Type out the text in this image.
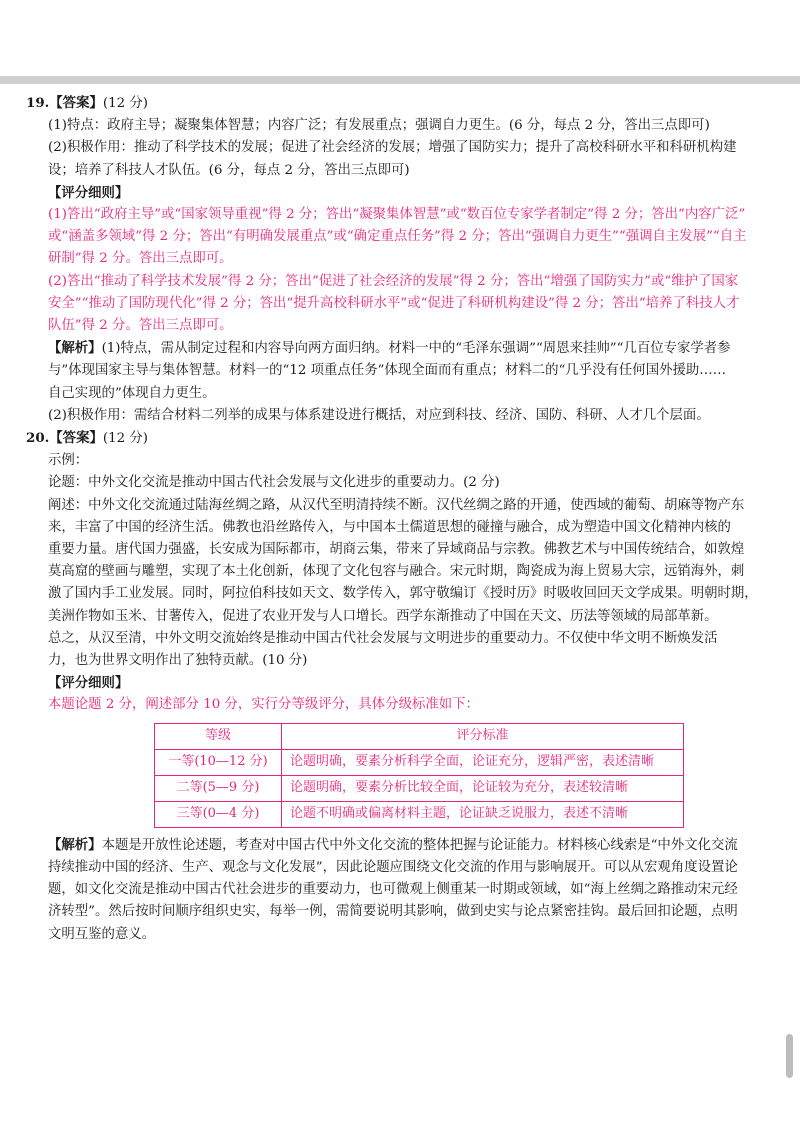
19.【答案】(12 分)
(1)特点：政府主导；凝聚集体智慧；内容广泛；有发展重点；强调自力更生。(6 分，每点 2 分，答出三点即可)
(2)积极作用：推动了科学技术的发展；促进了社会经济的发展；增强了国防实力；提升了高校科研水平和科研机构建
设；培养了科技人才队伍。(6 分，每点 2 分，答出三点即可)
【评分细则】
(1)答出“政府主导”或“国家领导重视”得 2 分；答出“凝聚集体智慧”或“数百位专家学者制定”得 2 分；答出“内容广泛”
或“涵盖多领域”得 2 分；答出“有明确发展重点”或“确定重点任务”得 2 分；答出“强调自力更生”“强调自主发展”“自主
研制”得 2 分。答出三点即可。
(2)答出“推动了科学技术发展”得 2 分；答出“促进了社会经济的发展”得 2 分；答出“增强了国防实力”或“维护了国家
安全”“推动了国防现代化”得 2 分；答出“提升高校科研水平”或“促进了科研机构建设”得 2 分；答出“培养了科技人才
队伍”得 2 分。答出三点即可。
【解析】(1)特点，需从制定过程和内容导向两方面归纳。材料一中的“毛泽东强调”“周恩来挂帅”“几百位专家学者参
与”体现国家主导与集体智慧。材料一的“12 项重点任务”体现全面而有重点；材料二的“几乎没有任何国外援助……
自己实现的”体现自力更生。
(2)积极作用：需结合材料二列举的成果与体系建设进行概括，对应到科技、经济、国防、科研、人才几个层面。
20.【答案】(12 分)
示例：
论题：中外文化交流是推动中国古代社会发展与文化进步的重要动力。(2 分)
阐述：中外文化交流通过陆海丝绸之路，从汉代至明清持续不断。汉代丝绸之路的开通，使西域的葡萄、胡麻等物产东
来，丰富了中国的经济生活。佛教也沿丝路传入，与中国本土儒道思想的碰撞与融合，成为塑造中国文化精神内核的
重要力量。唐代国力强盛，长安成为国际都市，胡商云集，带来了异域商品与宗教。佛教艺术与中国传统结合，如敦煌
莫高窟的壁画与雕塑，实现了本土化创新，体现了文化包容与融合。宋元时期，陶瓷成为海上贸易大宗，远销海外，刺
激了国内手工业发展。同时，阿拉伯科技如天文、数学传入，郭守敬编订《授时历》时吸收回回天文学成果。明朝时期，
美洲作物如玉米、甘薯传入，促进了农业开发与人口增长。西学东渐推动了中国在天文、历法等领域的局部革新。
总之，从汉至清，中外文明交流始终是推动中国古代社会发展与文明进步的重要动力。不仅使中华文明不断焕发活
力，也为世界文明作出了独特贡献。(10 分)
【评分细则】
本题论题 2 分，阐述部分 10 分，实行分等级评分，具体分级标准如下：
等级	评分标准
一等(10—12 分)	论题明确，要素分析科学全面，论证充分，逻辑严密，表述清晰
二等(5—9 分)	论题明确，要素分析比较全面，论证较为充分，表述较清晰
三等(0—4 分)	论题不明确或偏离材料主题，论证缺乏说服力，表述不清晰
【解析】本题是开放性论述题，考查对中国古代中外文化交流的整体把握与论证能力。材料核心线索是“中外文化交流
持续推动中国的经济、生产、观念与文化发展”，因此论题应围绕文化交流的作用与影响展开。可以从宏观角度设置论
题，如文化交流是推动中国古代社会进步的重要动力，也可微观上侧重某一时期或领域，如“海上丝绸之路推动宋元经
济转型”。然后按时间顺序组织史实，每举一例，需简要说明其影响，做到史实与论点紧密挂钩。最后回扣论题，点明
文明互鉴的意义。
